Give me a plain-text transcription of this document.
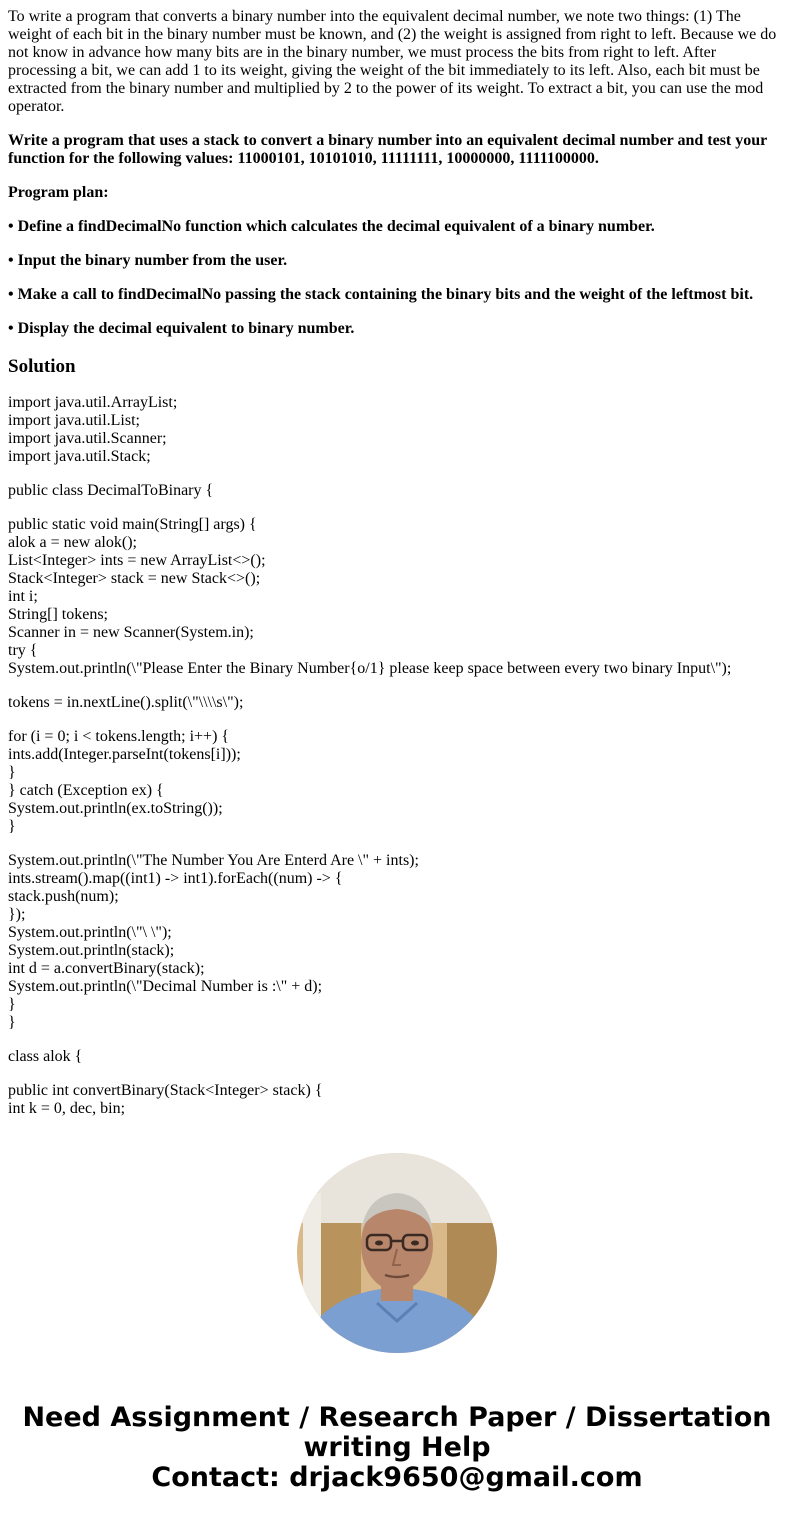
To write a program that converts a binary number into the equivalent decimal number, we note two things: (1) The weight of each bit in the binary number must be known, and (2) the weight is assigned from right to left. Because we do not know in advance how many bits are in the binary number, we must process the bits from right to left. After processing a bit, we can add 1 to its weight, giving the weight of the bit immediately to its left. Also, each bit must be extracted from the binary number and multiplied by 2 to the power of its weight. To extract a bit, you can use the mod operator.

Write a program that uses a stack to convert a binary number into an equivalent decimal number and test your function for the following values: 11000101, 10101010, 11111111, 10000000, 1111100000.

Program plan:

• Define a findDecimalNo function which calculates the decimal equivalent of a binary number.

• Input the binary number from the user.

• Make a call to findDecimalNo passing the stack containing the binary bits and the weight of the leftmost bit.

• Display the decimal equivalent to binary number.

Solution
import java.util.ArrayList;
import java.util.List;
import java.util.Scanner;
import java.util.Stack;
public class DecimalToBinary {
public static void main(String[] args) {
alok a = new alok();
List<Integer> ints = new ArrayList<>();
Stack<Integer> stack = new Stack<>();
int i;
String[] tokens;
Scanner in = new Scanner(System.in);
try {
System.out.println(\"Please Enter the Binary Number{o/1} please keep space between every two binary Input\");
tokens = in.nextLine().split(\"\\\\s\");
for (i = 0; i < tokens.length; i++) {
ints.add(Integer.parseInt(tokens[i]));
}
} catch (Exception ex) {
System.out.println(ex.toString());
}
System.out.println(\"The Number You Are Enterd Are \" + ints);
ints.stream().map((int1) -> int1).forEach((num) -> {
stack.push(num);
});
System.out.println(\"\ \");
System.out.println(stack);
int d = a.convertBinary(stack);
System.out.println(\"Decimal Number is :\" + d);
}
}
class alok {
public int convertBinary(Stack<Integer> stack) {
int k = 0, dec, bin;
Need Assignment / Research Paper / Dissertation
writing Help
Contact: drjack9650@gmail.com
